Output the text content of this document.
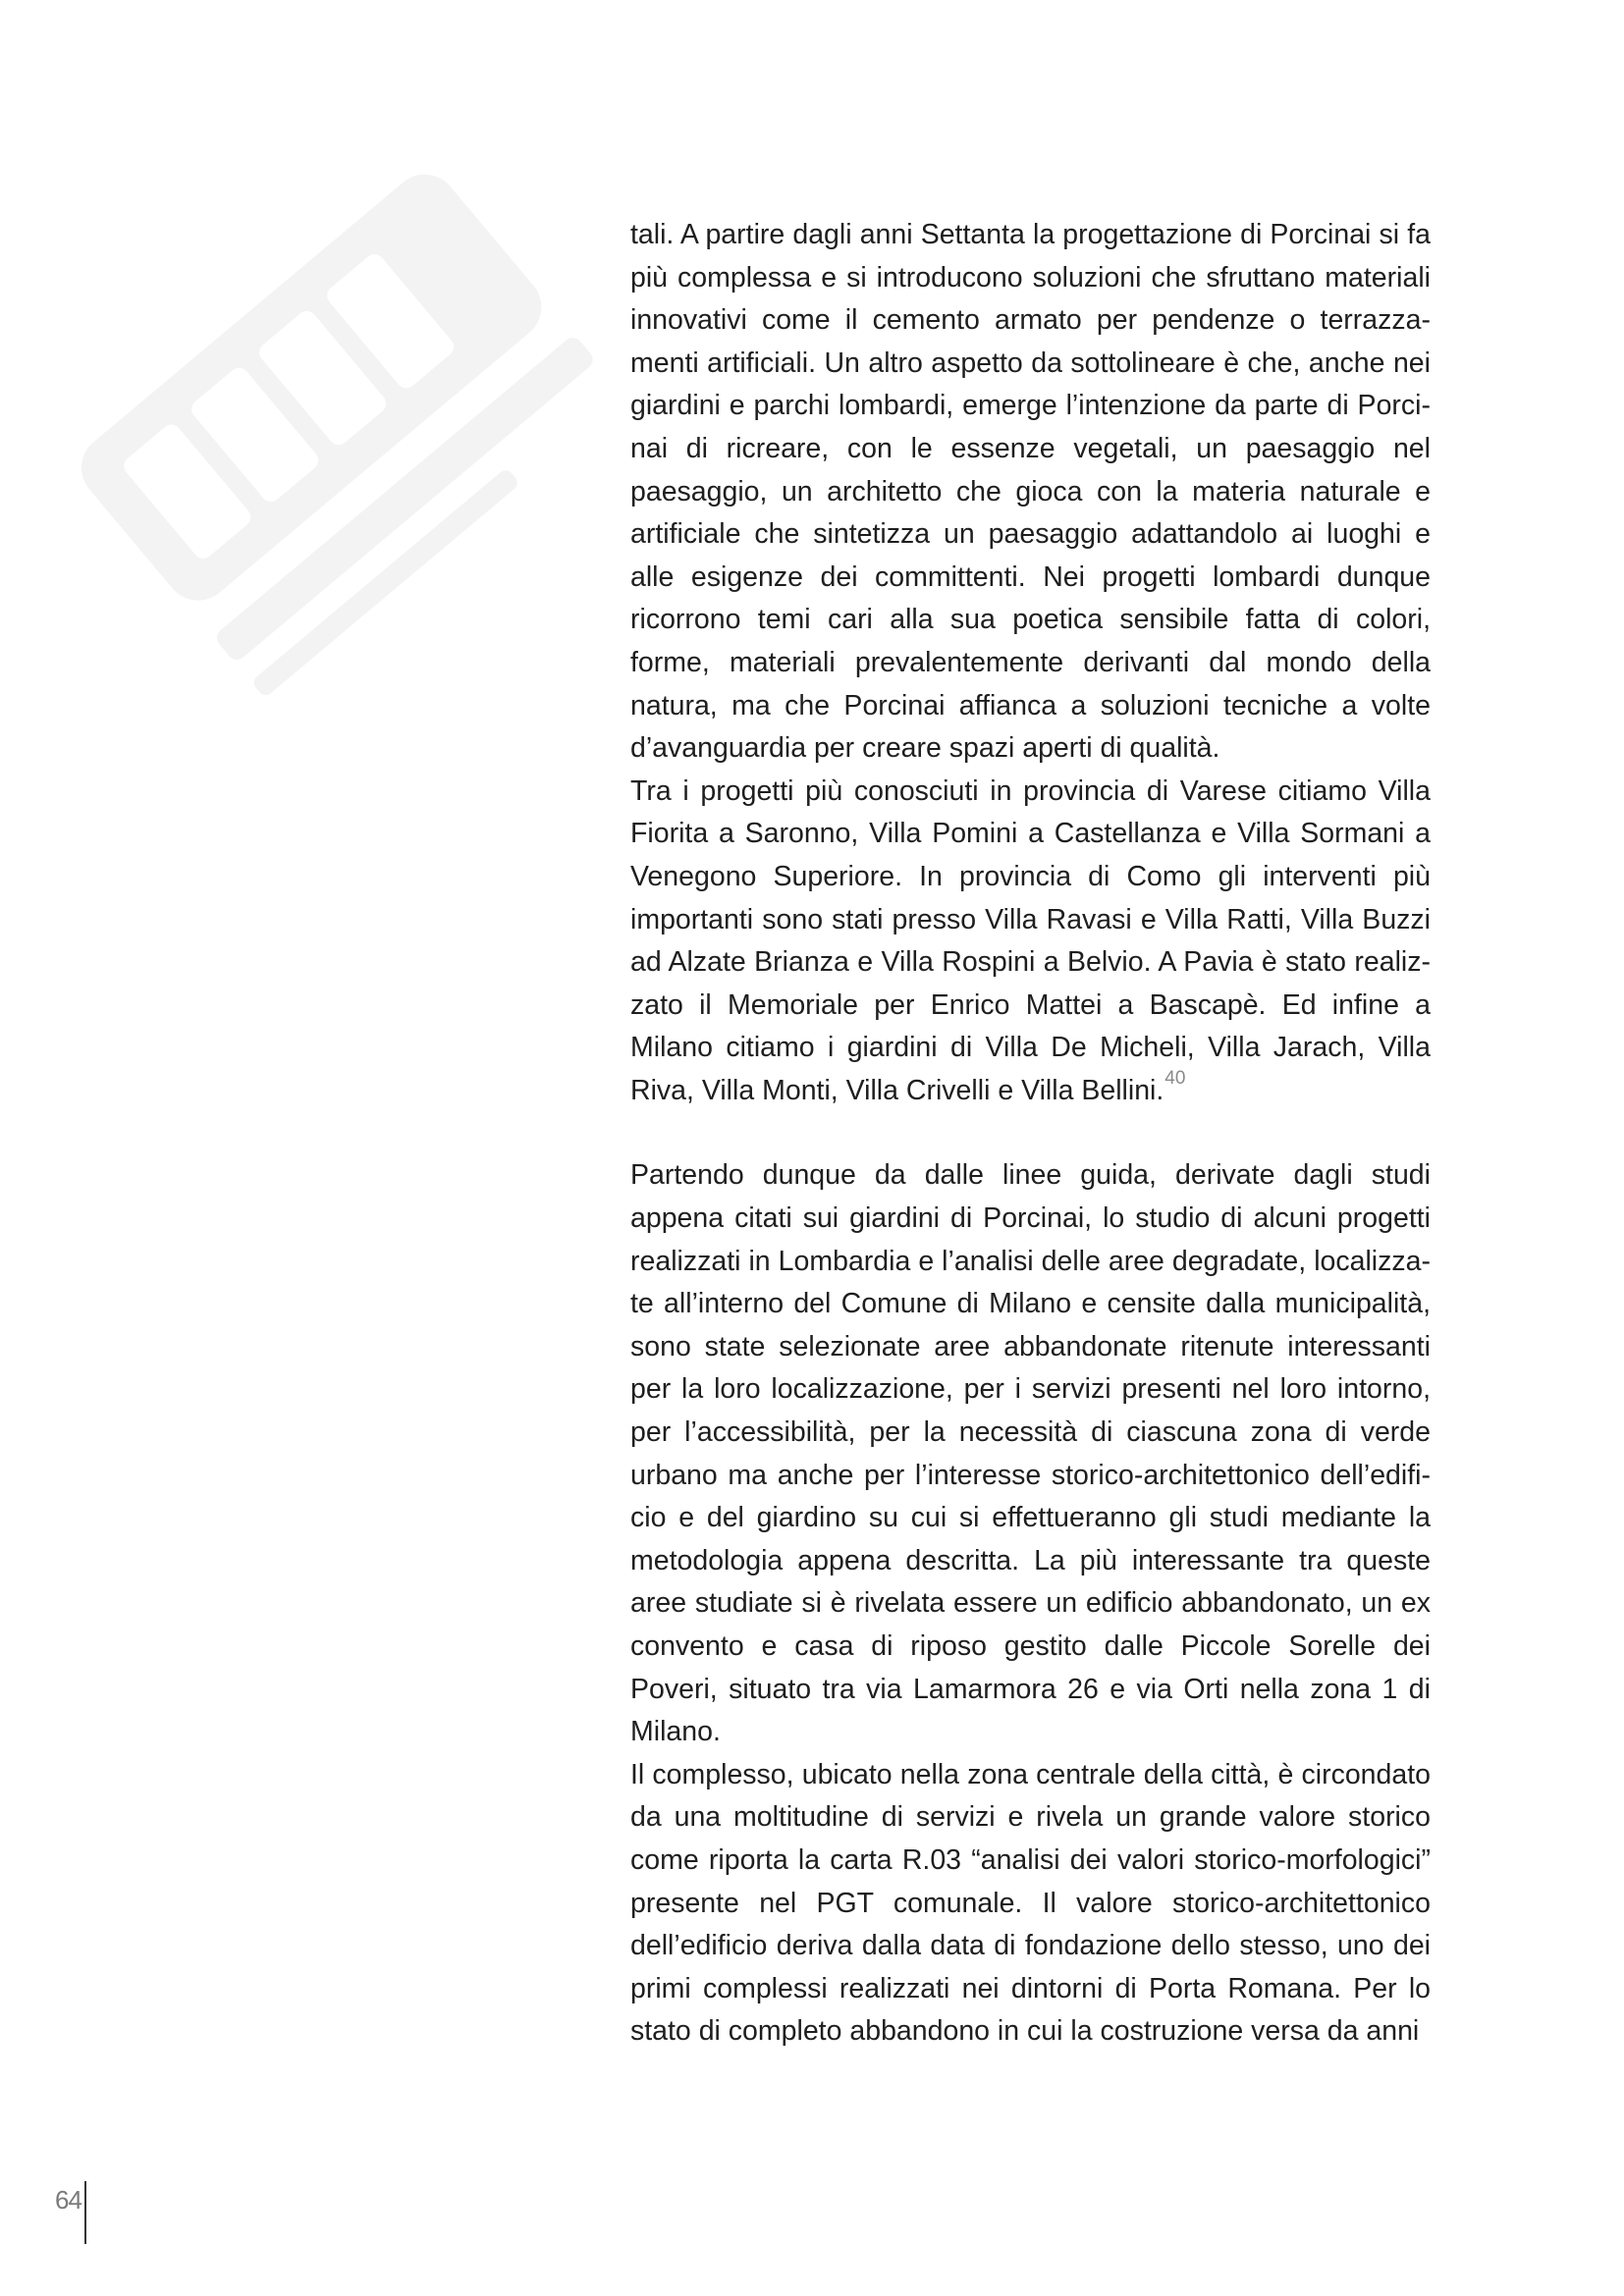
tali. A partire dagli anni Settanta la progettazione di Porcinai si fa più complessa e si introducono soluzioni che sfruttano materiali innovativi come il cemento armato per pendenze o terrazzamenti artificiali. Un altro aspetto da sottolineare è che, anche nei giardini e parchi lombardi, emerge l’intenzione da parte di Porcinai di ricreare, con le essenze vegetali, un paesaggio nel paesaggio, un architetto che gioca con la materia naturale e artificiale che sintetizza un paesaggio adattandolo ai luoghi e alle esigenze dei committenti. Nei progetti lombardi dunque ricorrono temi cari alla sua poetica sensibile fatta di colori, forme, materiali prevalentemente derivanti dal mondo della natura, ma che Porcinai affianca a soluzioni tecniche a volte d’avanguardia per creare spazi aperti di qualità.

Tra i progetti più conosciuti in provincia di Varese citiamo Villa Fiorita a Saronno, Villa Pomini a Castellanza e Villa Sormani a Venegono Superiore. In provincia di Como gli interventi più importanti sono stati presso Villa Ravasi e Villa Ratti, Villa Buzzi ad Alzate Brianza e Villa Rospini a Belvio. A Pavia è stato realizzato il Memoriale per Enrico Mattei a Bascapè. Ed infine a Milano citiamo i giardini di Villa De Micheli, Villa Jarach, Villa Riva, Villa Monti, Villa Crivelli e Villa Bellini.$^{40}$

Partendo dunque da dalle linee guida, derivate dagli studi appena citati sui giardini di Porcinai, lo studio di alcuni progetti realizzati in Lombardia e l’analisi delle aree degradate, localizzate all’interno del Comune di Milano e censite dalla municipalità, sono state selezionate aree abbandonate ritenute interessanti per la loro localizzazione, per i servizi presenti nel loro intorno, per l’accessibilità, per la necessità di ciascuna zona di verde urbano ma anche per l’interesse storico-architettonico dell’edificio e del giardino su cui si effettueranno gli studi mediante la metodologia appena descritta. La più interessante tra queste aree studiate si è rivelata essere un edificio abbandonato, un ex convento e casa di riposo gestito dalle Piccole Sorelle dei Poveri, situato tra via Lamarmora 26 e via Orti nella zona 1 di Milano.

Il complesso, ubicato nella zona centrale della città, è circondato da una moltitudine di servizi e rivela un grande valore storico come riporta la carta R.03 “analisi dei valori storico-morfologici” presente nel PGT comunale. Il valore storico-architettonico dell’edificio deriva dalla data di fondazione dello stesso, uno dei primi complessi realizzati nei dintorni di Porta Romana. Per lo stato di completo abbandono in cui la costruzione versa da anni

64
